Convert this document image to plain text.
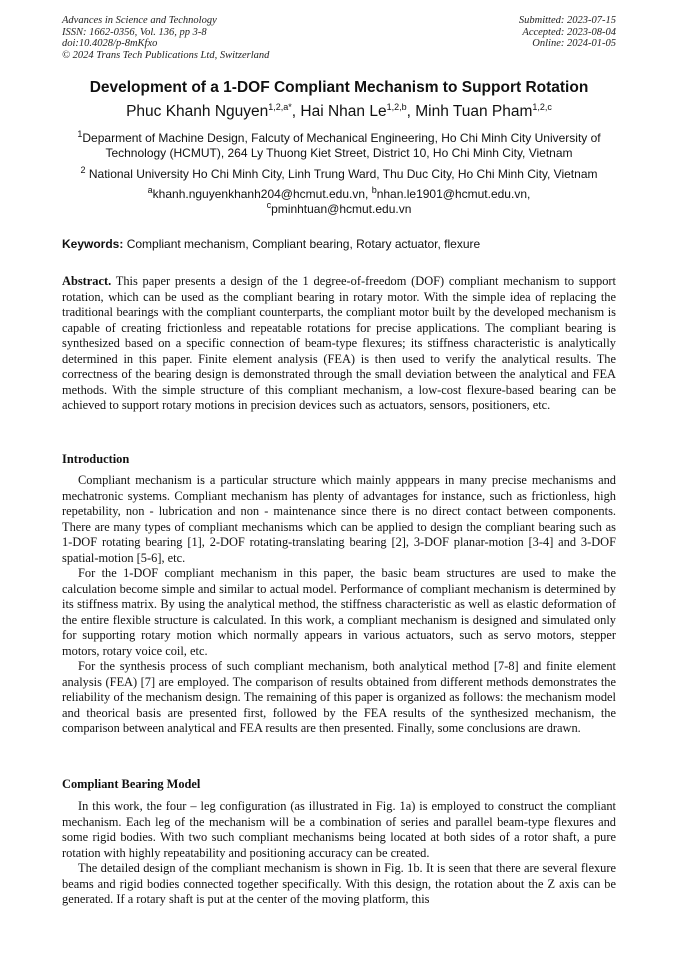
Advances in Science and Technology
ISSN: 1662-0356, Vol. 136, pp 3-8
doi:10.4028/p-8mKfxo
© 2024 Trans Tech Publications Ltd, Switzerland
Submitted: 2023-07-15
Accepted: 2023-08-04
Online: 2024-01-05
Development of a 1-DOF Compliant Mechanism to Support Rotation
Phuc Khanh Nguyen$^{1,2,a*}$, Hai Nhan Le$^{1,2,b}$, Minh Tuan Pham$^{1,2,c}$
$^1$Deparment of Machine Design, Falcuty of Mechanical Engineering, Ho Chi Minh City University of Technology (HCMUT), 264 Ly Thuong Kiet Street, District 10, Ho Chi Minh City, Vietnam
$^2$ National University Ho Chi Minh City, Linh Trung Ward, Thu Duc City, Ho Chi Minh City, Vietnam
$^a$khanh.nguyenkhanh204@hcmut.edu.vn, $^b$nhan.le1901@hcmut.edu.vn,
$^c$pminhtuan@hcmut.edu.vn
Keywords: Compliant mechanism, Compliant bearing, Rotary actuator, flexure
Abstract. This paper presents a design of the 1 degree-of-freedom (DOF) compliant mechanism to support rotation, which can be used as the compliant bearing in rotary motor. With the simple idea of replacing the traditional bearings with the compliant counterparts, the compliant motor built by the developed mechanism is capable of creating frictionless and repeatable rotations for precise applications. The compliant bearing is synthesized based on a specific connection of beam-type flexures; its stiffness characteristic is analytically determined in this paper. Finite element analysis (FEA) is then used to verify the analytical results. The correctness of the bearing design is demonstrated through the small deviation between the analytical and FEA methods. With the simple structure of this compliant mechanism, a low-cost flexure-based bearing can be achieved to support rotary motions in precision devices such as actuators, sensors, positioners, etc.
Introduction

Compliant mechanism is a particular structure which mainly apppears in many precise mechanisms and mechatronic systems. Compliant mechanism has plenty of advantages for instance, such as frictionless, high repetability, non - lubrication and non - maintenance since there is no direct contact between components. There are many types of compliant mechanisms which can be applied to design the compliant bearing such as 1-DOF rotating bearing [1], 2-DOF rotating-translating bearing [2], 3-DOF planar-motion [3-4] and 3-DOF spatial-motion [5-6], etc.

For the 1-DOF compliant mechanism in this paper, the basic beam structures are used to make the calculation become simple and similar to actual model. Performance of compliant mechanism is determined by its stiffness matrix. By using the analytical method, the stiffness characteristic as well as elastic deformation of the entire flexible structure is calculated. In this work, a compliant mechanism is designed and simulated only for supporting rotary motion which normally appears in various actuators, such as servo motors, stepper motors, rotary voice coil, etc.

For the synthesis process of such compliant mechanism, both analytical method [7-8] and finite element analysis (FEA) [7] are employed. The comparison of results obtained from different methods demonstrates the reliability of the mechanism design. The remaining of this paper is organized as follows: the mechanism model and theorical basis are presented first, followed by the FEA results of the synthesized mechanism, the comparison between analytical and FEA results are then presented. Finally, some conclusions are drawn.

Compliant Bearing Model

In this work, the four – leg configuration (as illustrated in Fig. 1a) is employed to construct the compliant mechanism. Each leg of the mechanism will be a combination of series and parallel beam-type flexures and some rigid bodies. With two such compliant mechanisms being located at both sides of a rotor shaft, a pure rotation with highly repeatability and positioning accuracy can be created.

The detailed design of the compliant mechanism is shown in Fig. 1b. It is seen that there are several flexure beams and rigid bodies connected together specifically. With this design, the rotation about the Z axis can be generated. If a rotary shaft is put at the center of the moving platform, this
